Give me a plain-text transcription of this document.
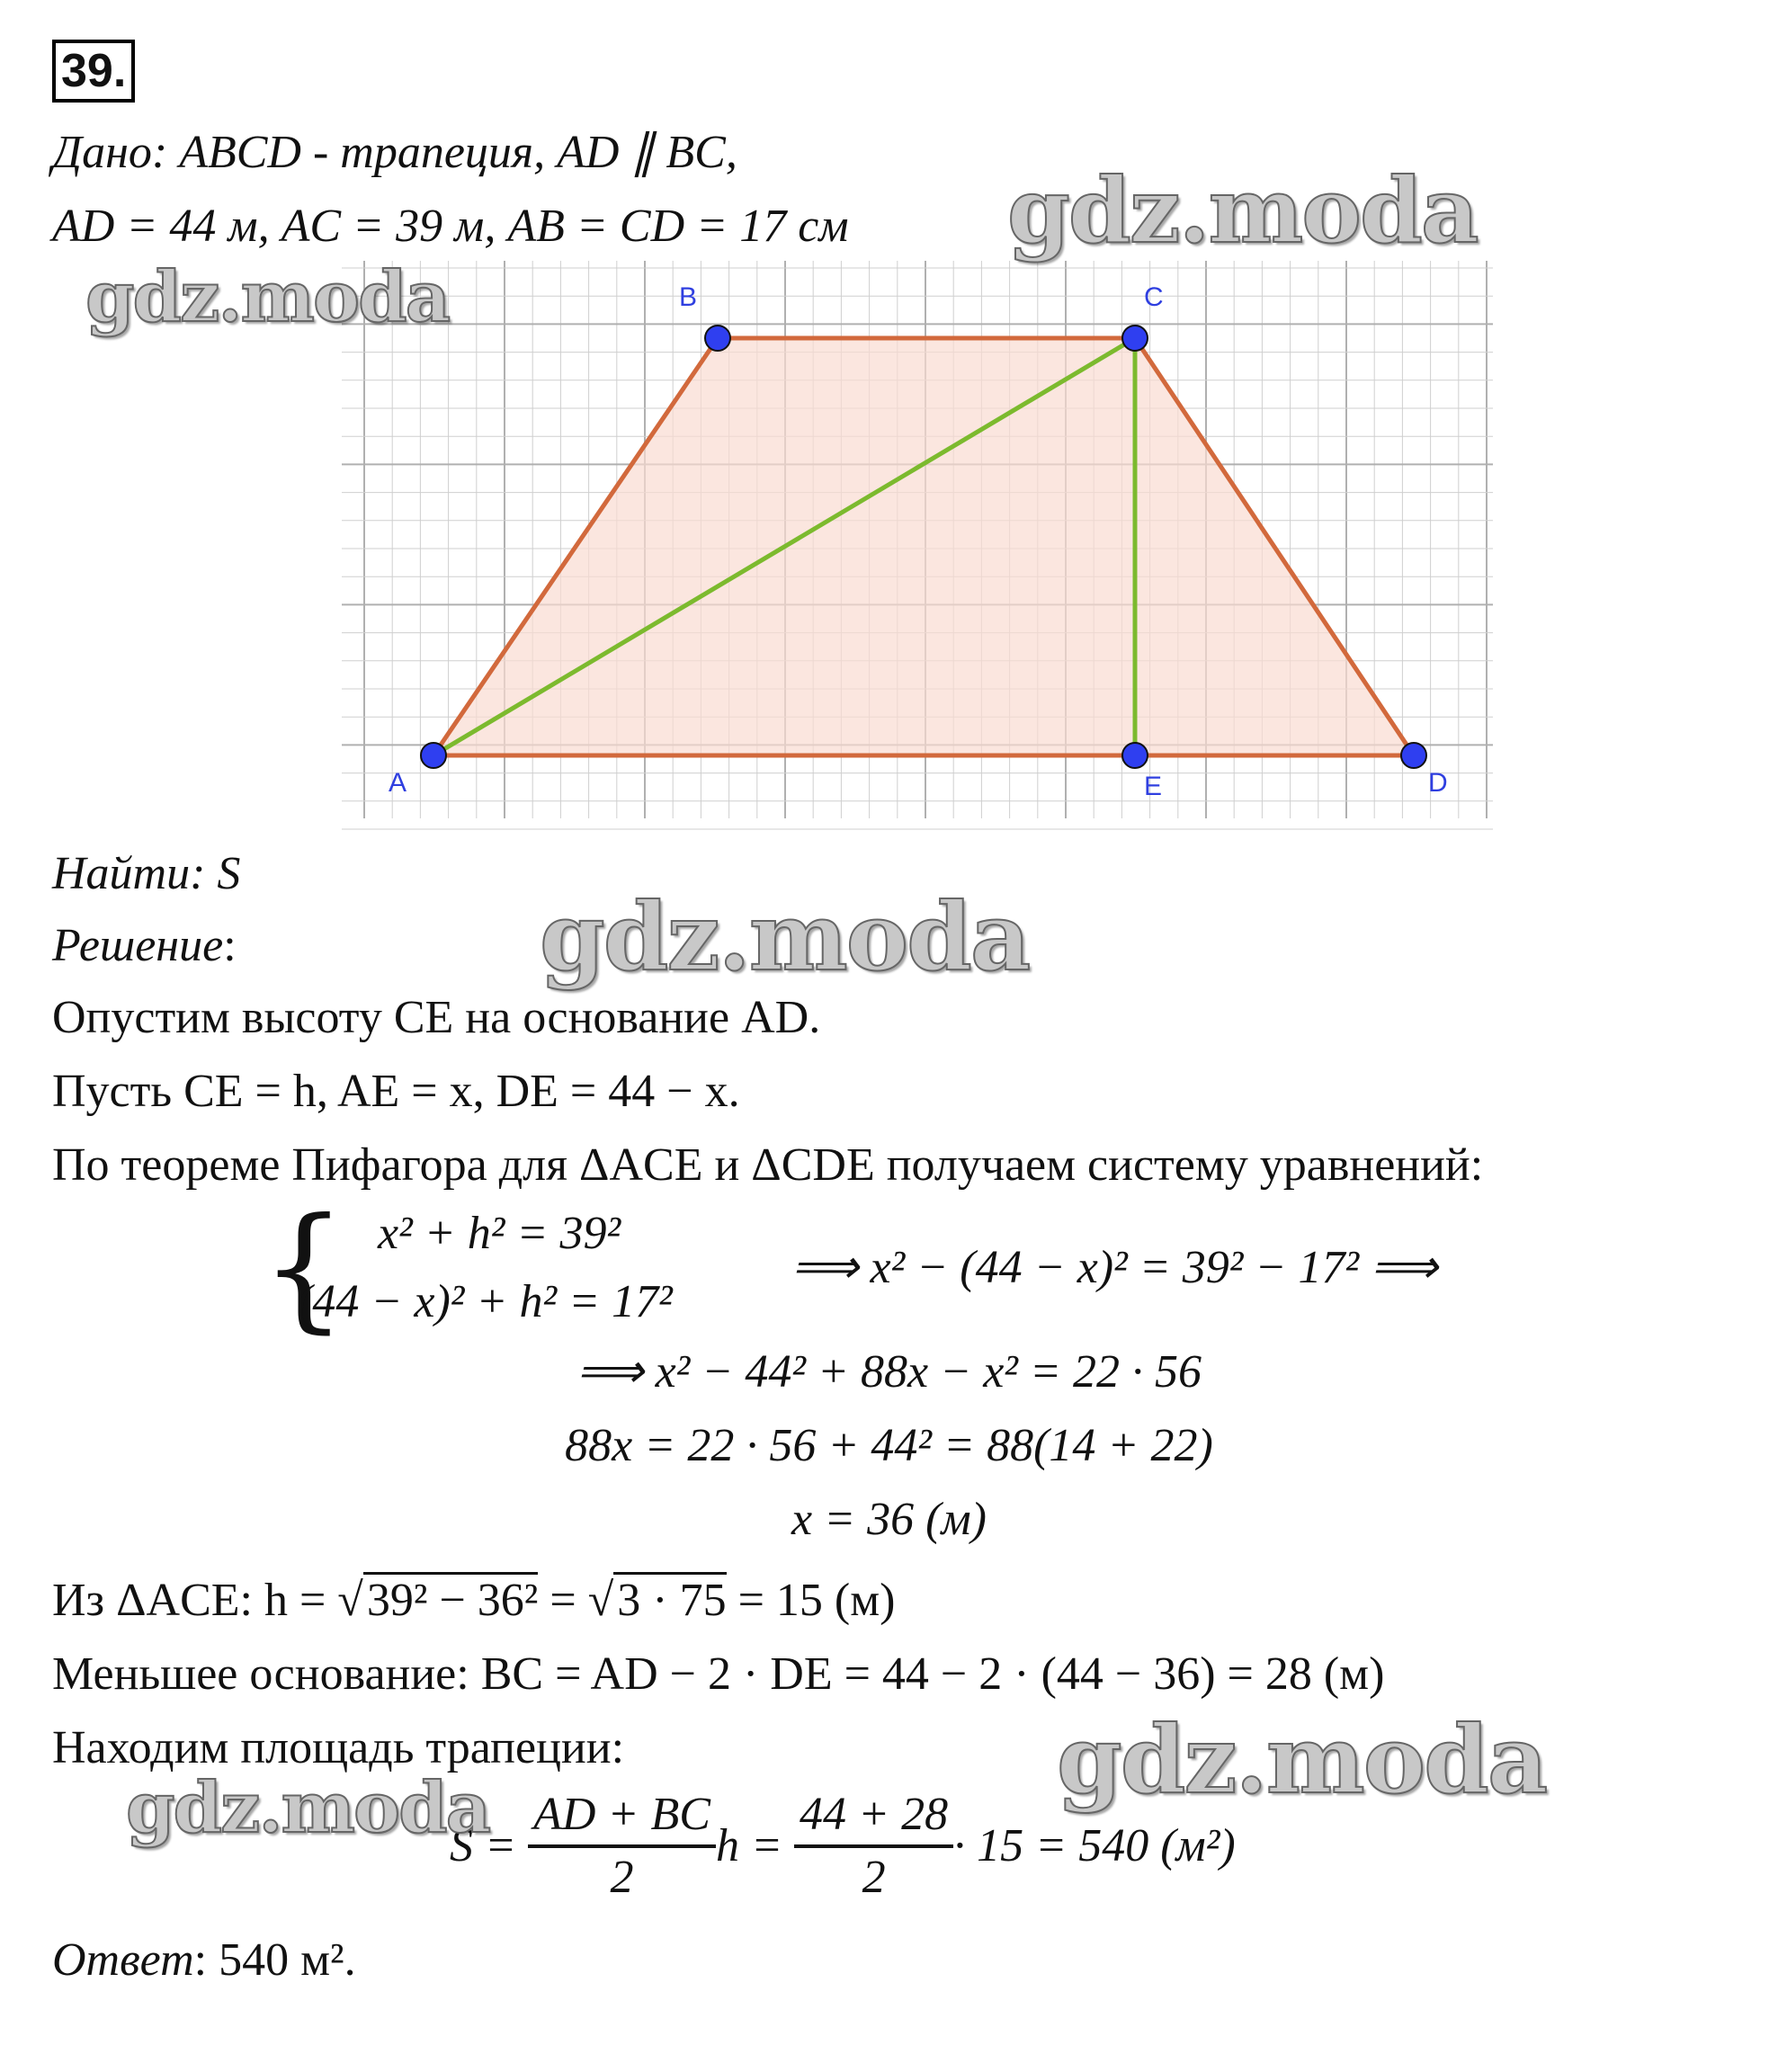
39.
Дано: ABCD - трапеция, AD ∥ BC,
AD = 44 м, AC = 39 м, AB = CD = 17 см
A
B	C
D
E
Найти: S
Решение:
Опустим высоту CE на основание AD.
Пусть CE = h, AE = x, DE = 44 − x.
По теореме Пифагора для ΔACE и ΔCDE получаем систему уравнений:
{ x² + h² = 39²
(44 − x)² + h² = 17²
⟹ x² − (44 − x)² = 39² − 17² ⟹
⟹ x² − 44² + 88x − x² = 22 · 56
88x = 22 · 56 + 44² = 88(14 + 22)
x = 36 (м)
Из ΔACE: h = √39² − 36² = √3 · 75 = 15 (м)
Меньшее основание: BC = AD − 2 · DE = 44 − 2 · (44 − 36) = 28 (м)
Находим площадь трапеции:
$S = \frac{AD + BC}{2}$ $h = \frac{44 + 28}{2} \cdot 15 = 540$ (м²)
Ответ: 540 м².
gdz.moda
gdz.moda
gdz.moda
gdz.moda
gdz.moda
